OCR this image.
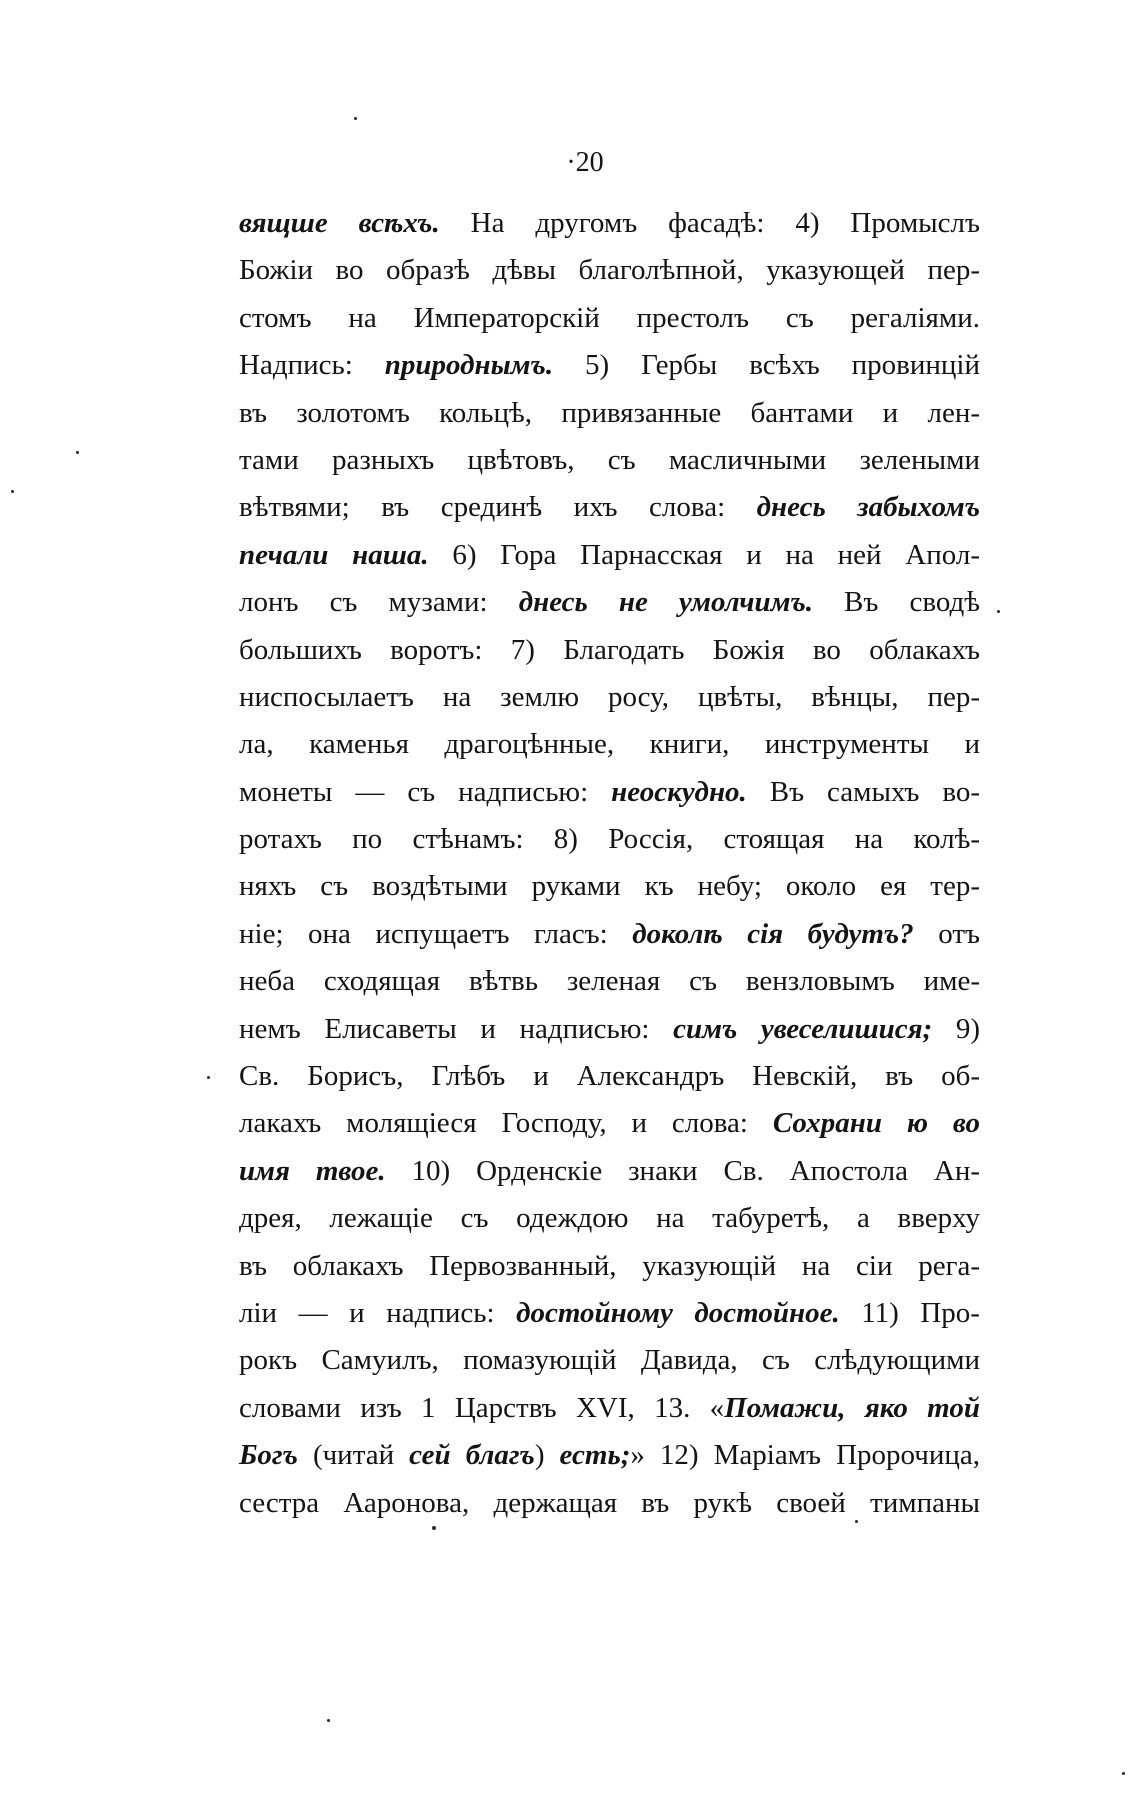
·20
вящше всѣхъ. На другомъ фасадѣ: 4) Промыслъ
Божіи во образѣ дѣвы благолѣпной, указующей пер-
стомъ на Императорскій престолъ съ регаліями.
Надпись: природнымъ. 5) Гербы всѣхъ провинцій
въ золотомъ кольцѣ, привязанные бантами и лен-
тами разныхъ цвѣтовъ, съ масличными зелеными
вѣтвями; въ срединѣ ихъ слова: днесь забыхомъ
печали наша. 6) Гора Парнасская и на ней Апол-
лонъ съ музами: днесь не умолчимъ. Въ сводѣ
большихъ воротъ: 7) Благодать Божія во облакахъ
ниспосылаетъ на землю росу, цвѣты, вѣнцы, пер-
ла, каменья драгоцѣнные, книги, инструменты и
монеты — съ надписью: неоскудно. Въ самыхъ во-
ротахъ по стѣнамъ: 8) Россія, стоящая на колѣ-
няхъ съ воздѣтыми руками къ небу; около ея тер-
ніе; она испущаетъ гласъ: доколѣ сія будутъ? отъ
неба сходящая вѣтвь зеленая съ вензловымъ име-
немъ Елисаветы и надписью: симъ увеселишися; 9)
Св. Борисъ, Глѣбъ и Александръ Невскій, въ об-
лакахъ молящіеся Господу, и слова: Сохрани ю во
имя твое. 10) Орденскіе знаки Св. Апостола Ан-
дрея, лежащіе съ одеждою на табуретѣ, а вверху
въ облакахъ Первозванный, указующій на сіи рега-
ліи — и надпись: достойному достойное. 11) Про-
рокъ Самуилъ, помазующій Давида, съ слѣдующими
словами изъ 1 Царствъ XVI, 13. «Помажи, яко той
Богъ (читай сей благъ) есть;» 12) Маріамъ Пророчица,
сестра Ааронова, держащая въ рукѣ своей тимпаны
